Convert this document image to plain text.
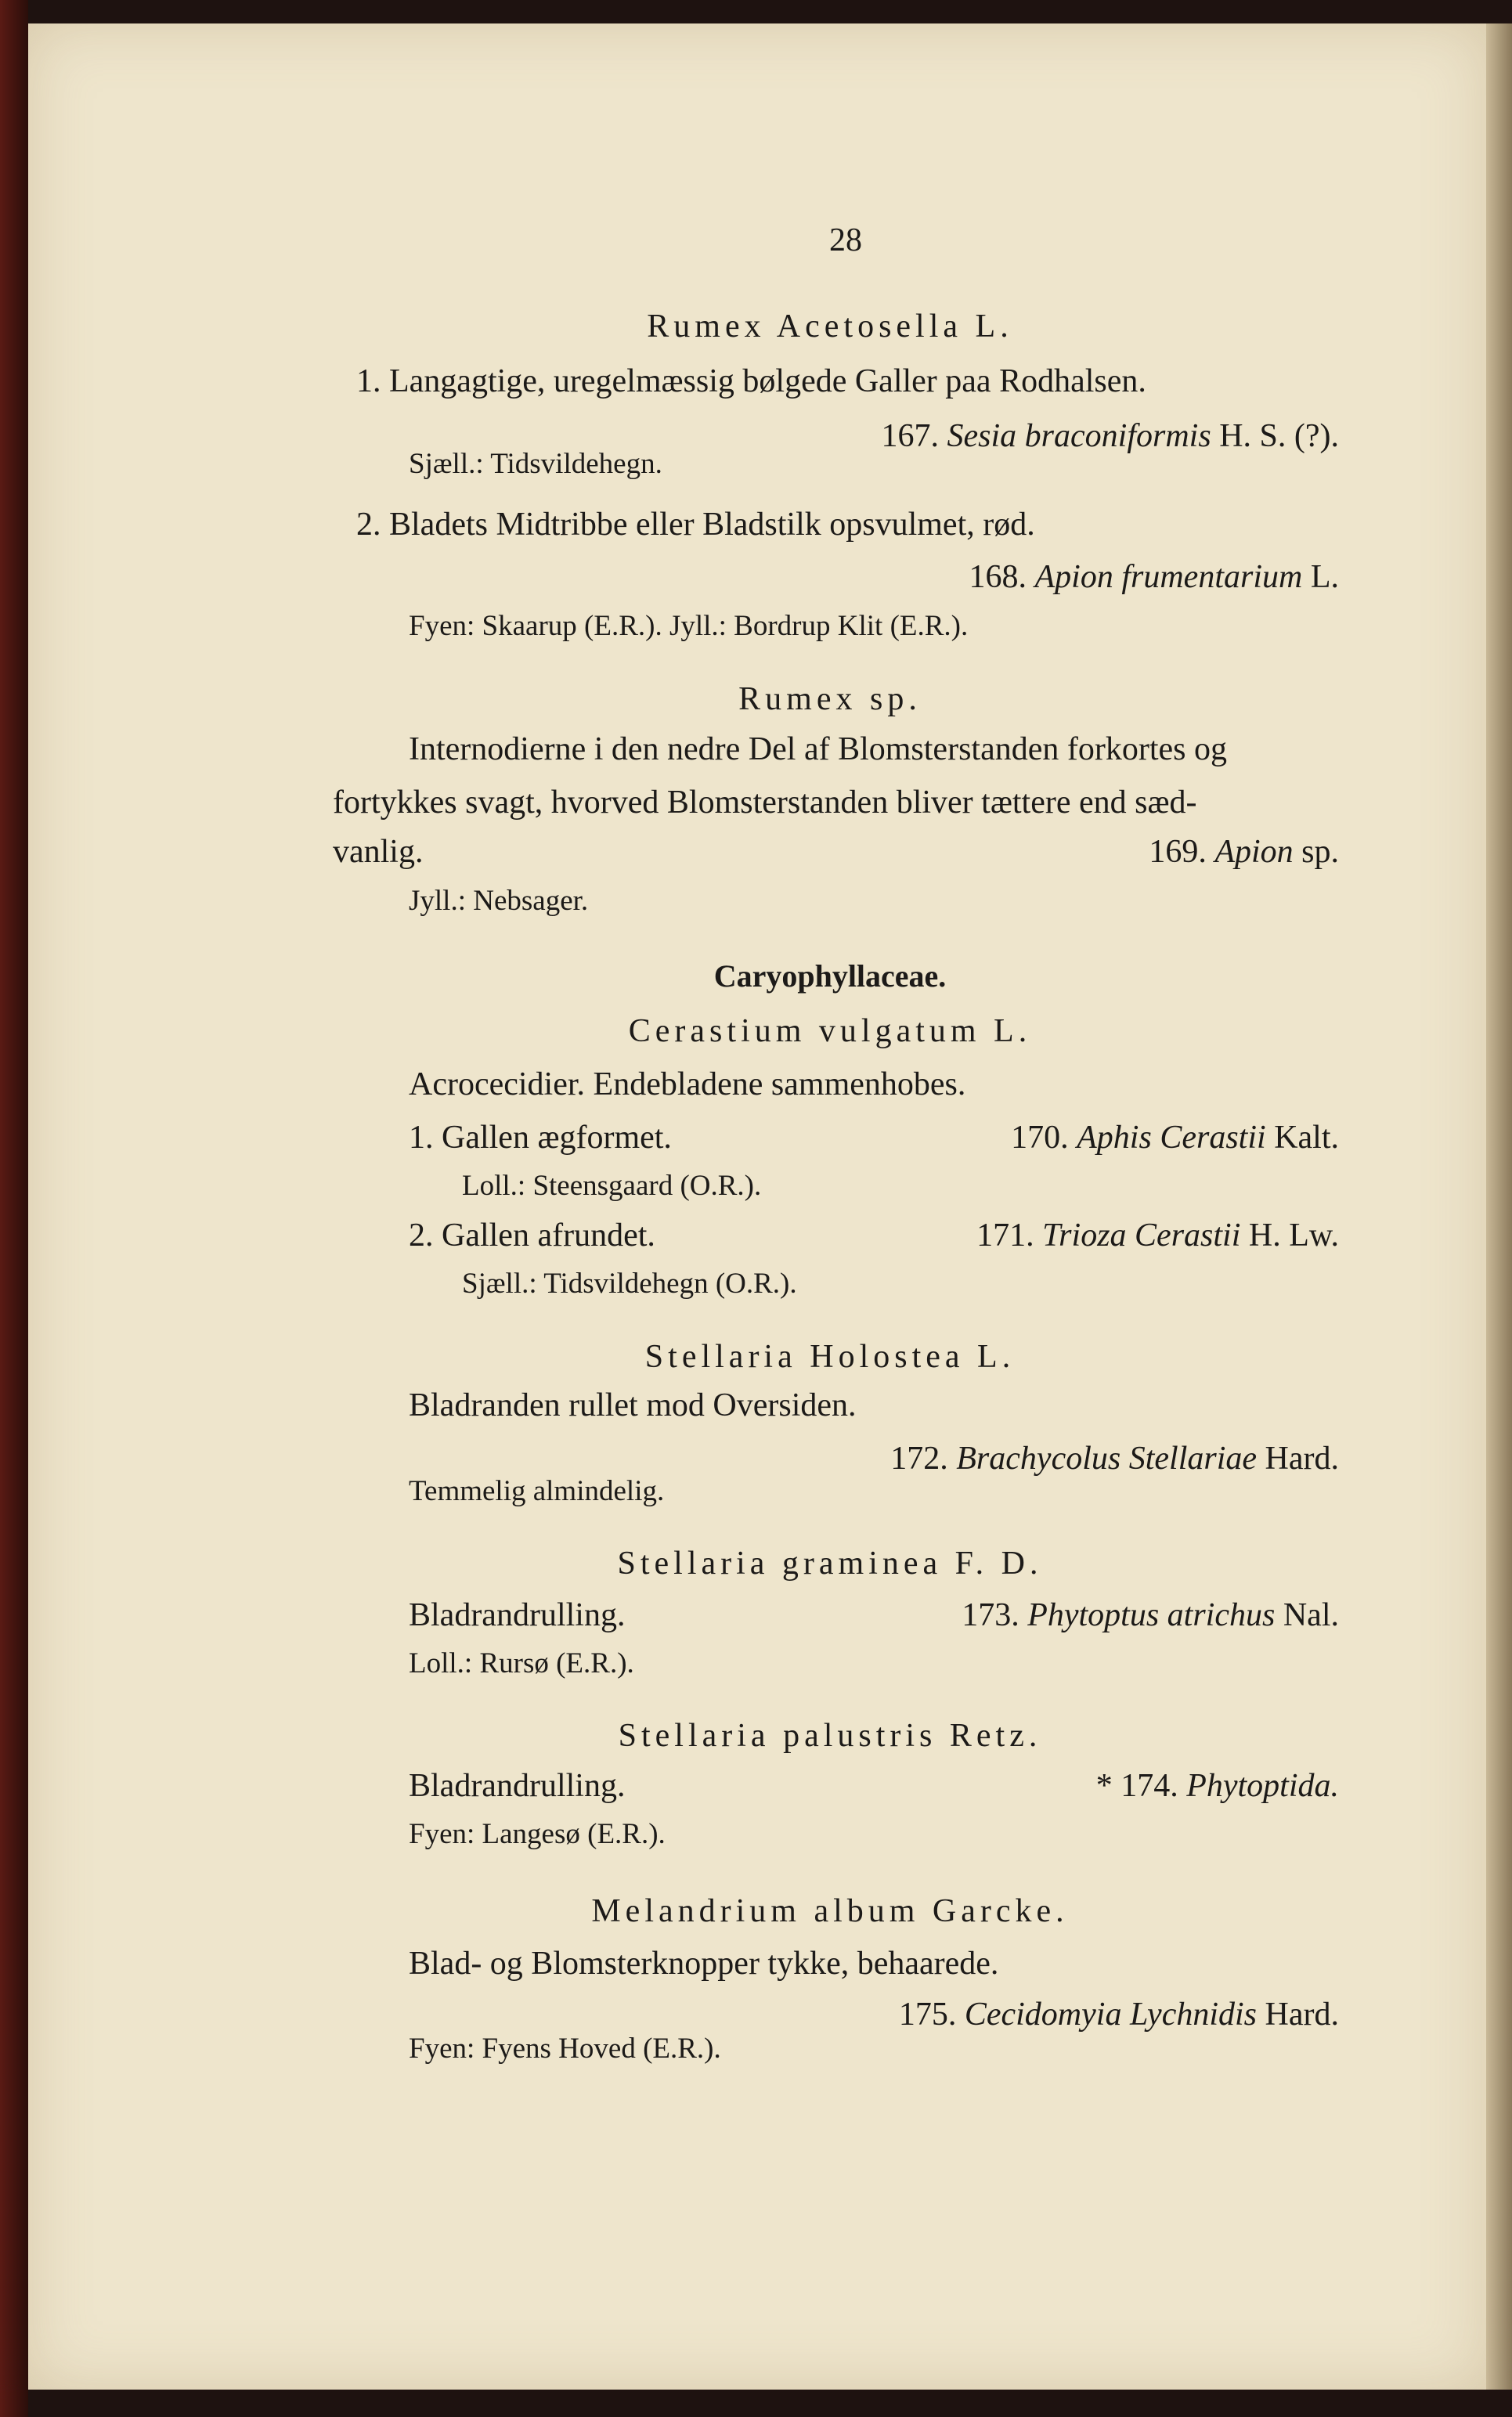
28

Rumex Acetosella L.

1. Langagtige, uregelmæssig bølgede Galler paa Rodhalsen.

167. Sesia braconiformis H. S. (?).

Sjæll.: Tidsvildehegn.

2. Bladets Midtribbe eller Bladstilk opsvulmet, rød.

168. Apion frumentarium L.

Fyen: Skaarup (E.R.). Jyll.: Bordrup Klit (E.R.).

Rumex sp.

Internodierne i den nedre Del af Blomsterstanden forkortes og

fortykkes svagt, hvorved Blomsterstanden bliver tættere end sæd-

vanlig.	169. Apion sp.

Jyll.: Nebsager.

Caryophyllaceae.

Cerastium vulgatum L.

Acrocecidier. Endebladene sammenhobes.

1. Gallen ægformet.	170. Aphis Cerastii Kalt.

Loll.: Steensgaard (O.R.).

2. Gallen afrundet.	171. Trioza Cerastii H. Lw.

Sjæll.: Tidsvildehegn (O.R.).

Stellaria Holostea L.

Bladranden rullet mod Oversiden.

172. Brachycolus Stellariae Hard.

Temmelig almindelig.

Stellaria graminea F. D.

Bladrandrulling.	173. Phytoptus atrichus Nal.

Loll.: Rursø (E.R.).

Stellaria palustris Retz.

Bladrandrulling.	* 174. Phytoptida.

Fyen: Langesø (E.R.).

Melandrium album Garcke.

Blad- og Blomsterknopper tykke, behaarede.

175. Cecidomyia Lychnidis Hard.

Fyen: Fyens Hoved (E.R.).
